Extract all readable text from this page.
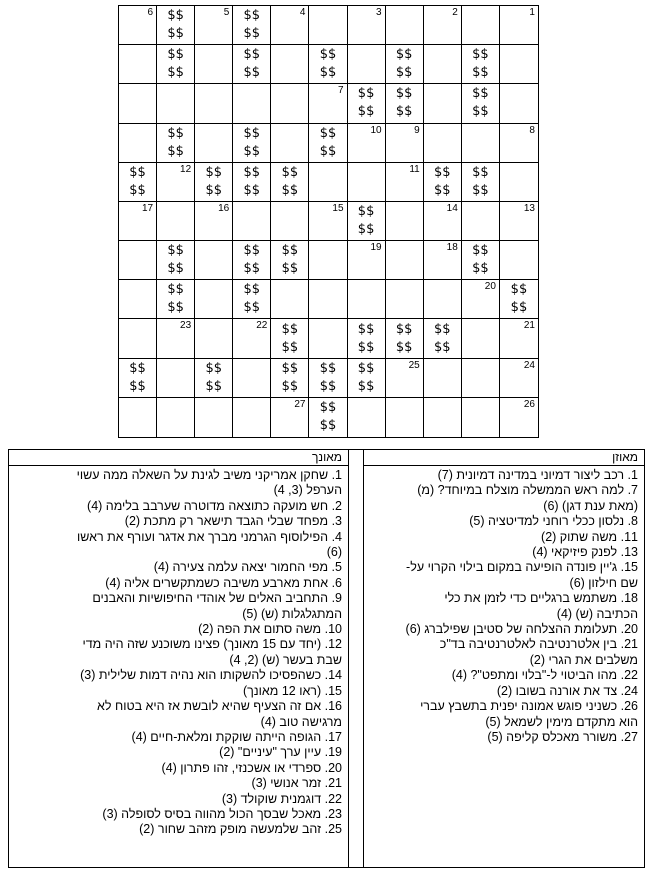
1
2
3
4
$$
$$
5
$$
$$
6
$$
$$
$$
$$
$$
$$
$$
$$
$$
$$
$$
$$
$$
$$
$$
$$
7
8
9
10
$$
$$
$$
$$
$$
$$
$$
$$
$$
$$
11
$$
$$
$$
$$
$$
$$
12
$$
$$
13
14
$$
$$
15
16
17
$$
$$
18
19
$$
$$
$$
$$
$$
$$
$$
$$
20
$$
$$
$$
$$
21
$$
$$
$$
$$
$$
$$
$$
$$
22
23
24
25
$$
$$
$$
$$
$$
$$
$$
$$
$$
$$
26
$$
$$
27
מאוזן
1. רכב ליצור דמיוני במדינה דמיונית (7)
7. למה ראש הממשלה מוצלח במיוחד? (מ)
(מאת ענת דגן) (6)
8. נלסון ככלי רוחני למדיטציה (5)
11. משה שתוק (2)
13. לפנק פיזיקאי (4)
15. ג'יין פונדה הופיעה במקום בילוי הקרוי על-
שם חילזון (6)
18. משתמש ברגליים כדי לזמן את כלי
הכתיבה (ש) (4)
20. תעלומת ההצלחה של סטיבן שפילברג (6)
21. בין אלטרנטיבה לאלטרנטיבה בד"כ
משלבים את הגרי (2)
22. מהו הביטוי ל-"בלוי ומתפט"? (4)
24. צד את אורנה בשובו (2)
26. כשניני פוגש אמונה יפנית בתשבץ עברי
הוא מתקדם מימין לשמאל (5)
27. משורר מאכלס קליפה (5)
מאונך
1. שחקן אמריקני משיב לגינת על השאלה ממה עשוי
הערפל (3, 4)
2. חש מועקה כתוצאה מדוטרה שערבב בלימה (4)
3. מפחד שבלי הגבד תישאר רק מתכת (2)
4. הפילוסוף הגרמני מברך את אדגר ועורף את ראשו
(6)
5. מפי החמור יצאה עלמה צעירה (4)
6. אחת מארבע משיבה כשמתקשרים אליה (4)
9. התחביב האלים של אוהדי החיפושיות והאבנים
המתגלגלות (ש) (5)
10. משה סתום את הפה (2)
12. (יחד עם 15 מאונך) פצינו משוכנע שזה היה מדי
שבת בעשר (ש) (2, 4)
14. כשהפסיכו להשקותו הוא נהיה דמות שלילית (3)
15. (ראו 12 מאונך)
16. אם זה הצעיף שהיא לובשת אז היא בטוח לא
מרגישה טוב (4)
17. הגופה הייתה שוקקת ומלאת-חיים (4)
19. עיין ערך "עיניים" (2)
20. ספרדי או אשכנזי, זהו פתרון (4)
21. זמר אנושי (3)
22. דוגמנית שוקולד (3)
23. מאכל שבסך הכול מהווה בסיס לסופלה (3)
25. זהב שלמעשה מופק מזהב שחור (2)
